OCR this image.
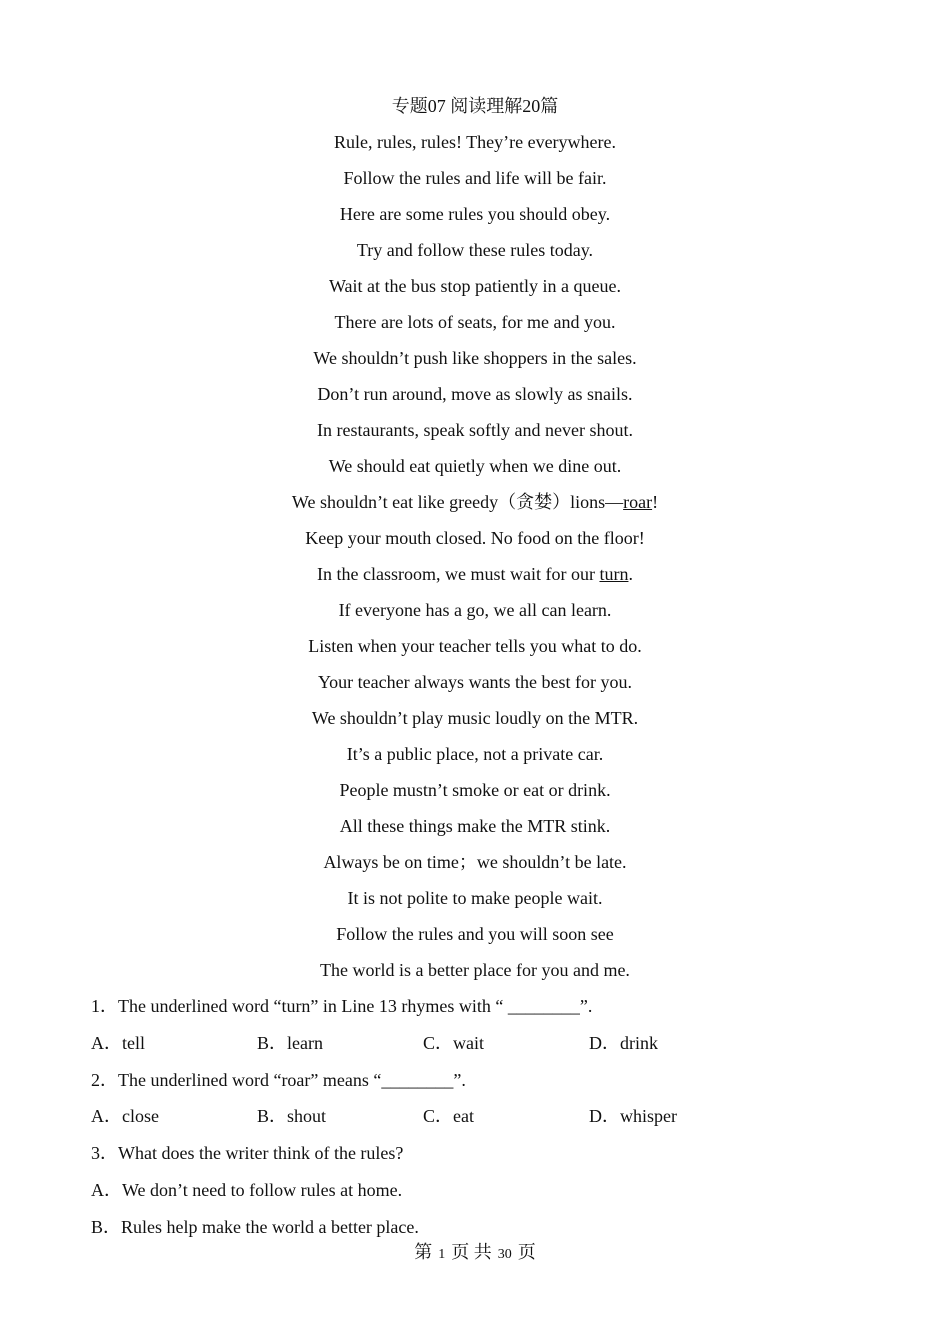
专题07 阅读理解20篇
Rule, rules, rules! They’re everywhere.
Follow the rules and life will be fair.
Here are some rules you should obey.
Try and follow these rules today.
Wait at the bus stop patiently in a queue.
There are lots of seats, for me and you.
We shouldn’t push like shoppers in the sales.
Don’t run around, move as slowly as snails.
In restaurants, speak softly and never shout.
We should eat quietly when we dine out.
We shouldn’t eat like greedy（贪婪）lions—roar!
Keep your mouth closed. No food on the floor!
In the classroom, we must wait for our turn.
If everyone has a go, we all can learn.
Listen when your teacher tells you what to do.
Your teacher always wants the best for you.
We shouldn’t play music loudly on the MTR.
It’s a public place, not a private car.
People mustn’t smoke or eat or drink.
All these things make the MTR stink.
Always be on time；we shouldn’t be late.
It is not polite to make people wait.
Follow the rules and you will soon see
The world is a better place for you and me.
1．The underlined word “turn” in Line 13 rhymes with “ ________”.
A．tell	B．learn	C．wait	D．drink
2．The underlined word “roar” means “________”.
A．close	B．shout	C．eat	D．whisper
3．What does the writer think of the rules?
A．We don’t need to follow rules at home.
B．Rules help make the world a better place.
第 1 页 共 30 页
